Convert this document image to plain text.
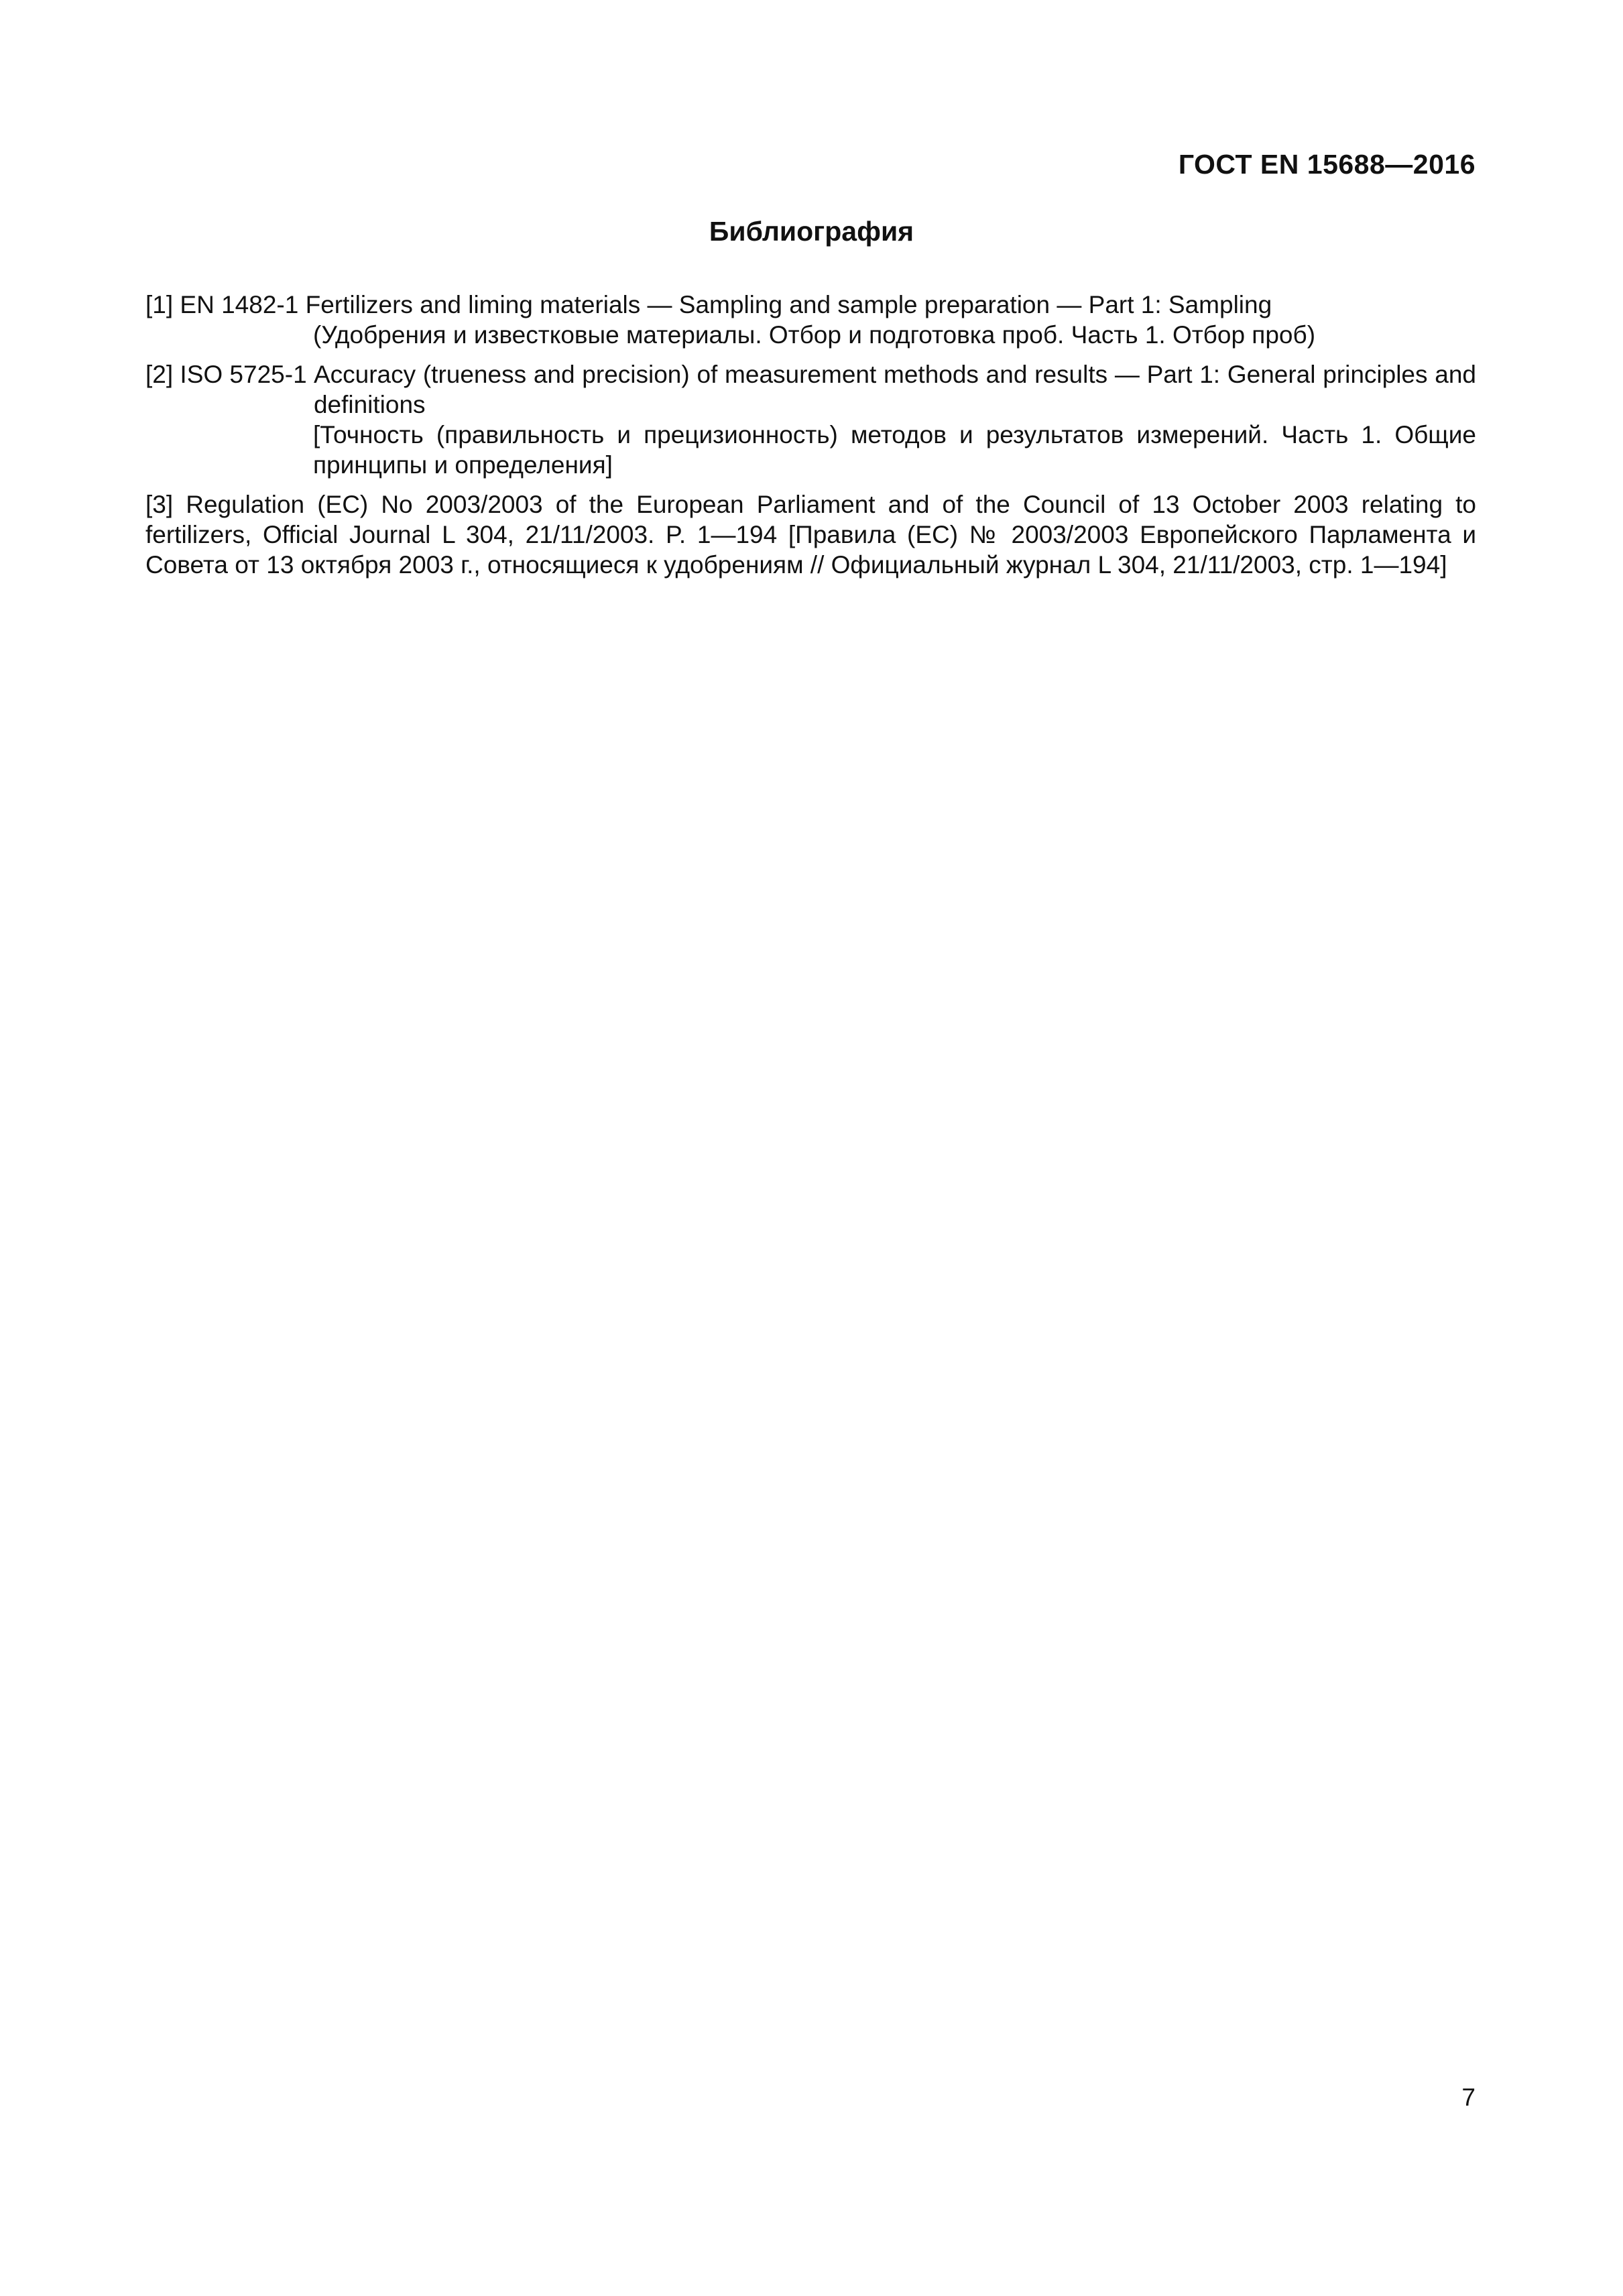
ГОСТ EN 15688—2016
Библиография
[1] EN 1482-1 Fertilizers and liming materials — Sampling and sample preparation — Part 1: Sampling
(Удобрения и известковые материалы. Отбор и подготовка проб. Часть 1. Отбор проб)
[2] ISO 5725-1 Accuracy (trueness and precision) of measurement methods and results — Part 1: General principles and definitions
[Точность (правильность и прецизионность) методов и результатов измерений. Часть 1. Общие принципы и определения]
[3] Regulation (EC) No 2003/2003 of the European Parliament and of the Council of 13 October 2003 relating to fertilizers, Official Journal L 304, 21/11/2003. P. 1—194 [Правила (ЕС) № 2003/2003 Европейского Парламента и Совета от 13 октября 2003 г., относящиеся к удобрениям // Официальный журнал L 304, 21/11/2003, стр. 1—194]
7
